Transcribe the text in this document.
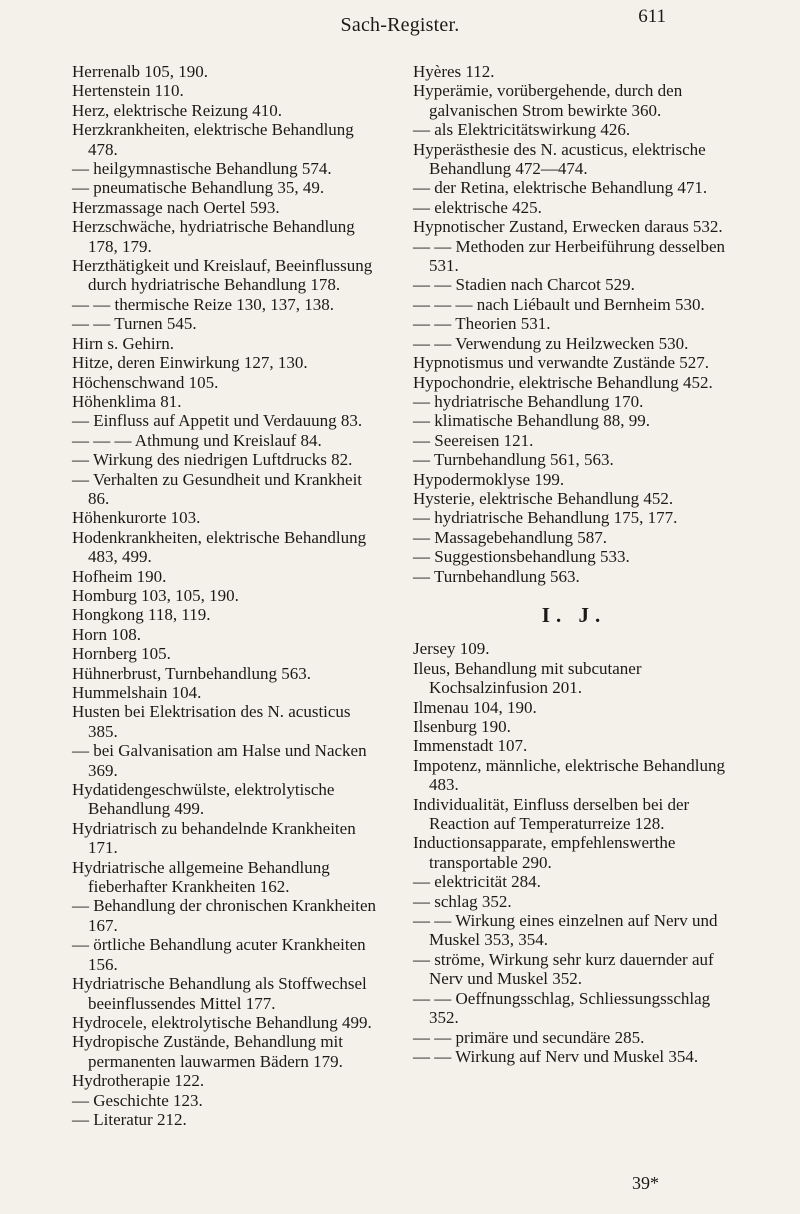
Sach-Register.	611

Herrenalb 105, 190.

Hertenstein 110.

Herz, elektrische Reizung 410.

Herzkrankheiten, elektrische Behandlung 478.

— heilgymnastische Behandlung 574.

— pneumatische Behandlung 35, 49.

Herzmassage nach Oertel 593.

Herzschwäche, hydriatrische Behandlung 178, 179.

Herzthätigkeit und Kreislauf, Beeinflussung durch hydriatrische Behandlung 178.

— — thermische Reize 130, 137, 138.

— — Turnen 545.

Hirn s. Gehirn.

Hitze, deren Einwirkung 127, 130.

Höchenschwand 105.

Höhenklima 81.

— Einfluss auf Appetit und Verdauung 83.

— — — Athmung und Kreislauf 84.

— Wirkung des niedrigen Luftdrucks 82.

— Verhalten zu Gesundheit und Krankheit 86.

Höhenkurorte 103.

Hodenkrankheiten, elektrische Behandlung 483, 499.

Hofheim 190.

Homburg 103, 105, 190.

Hongkong 118, 119.

Horn 108.

Hornberg 105.

Hühnerbrust, Turnbehandlung 563.

Hummelshain 104.

Husten bei Elektrisation des N. acusticus 385.

— bei Galvanisation am Halse und Nacken 369.

Hydatidengeschwülste, elektrolytische Behandlung 499.

Hydriatrisch zu behandelnde Krankheiten 171.

Hydriatrische allgemeine Behandlung fieberhafter Krankheiten 162.

— Behandlung der chronischen Krankheiten 167.

— örtliche Behandlung acuter Krankheiten 156.

Hydriatrische Behandlung als Stoffwechsel beeinflussendes Mittel 177.

Hydrocele, elektrolytische Behandlung 499.

Hydropische Zustände, Behandlung mit permanenten lauwarmen Bädern 179.

Hydrotherapie 122.

— Geschichte 123.

— Literatur 212.

Hyères 112.

Hyperämie, vorübergehende, durch den galvanischen Strom bewirkte 360.

— als Elektricitätswirkung 426.

Hyperästhesie des N. acusticus, elektrische Behandlung 472—474.

— der Retina, elektrische Behandlung 471.

— elektrische 425.

Hypnotischer Zustand, Erwecken daraus 532.

— — Methoden zur Herbeiführung desselben 531.

— — Stadien nach Charcot 529.

— — — nach Liébault und Bernheim 530.

— — Theorien 531.

— — Verwendung zu Heilzwecken 530.

Hypnotismus und verwandte Zustände 527.

Hypochondrie, elektrische Behandlung 452.

— hydriatrische Behandlung 170.

— klimatische Behandlung 88, 99.

— Seereisen 121.

— Turnbehandlung 561, 563.

Hypodermoklyse 199.

Hysterie, elektrische Behandlung 452.

— hydriatrische Behandlung 175, 177.

— Massagebehandlung 587.

— Suggestionsbehandlung 533.

— Turnbehandlung 563.

I. J.

Jersey 109.

Ileus, Behandlung mit subcutaner Kochsalzinfusion 201.

Ilmenau 104, 190.

Ilsenburg 190.

Immenstadt 107.

Impotenz, männliche, elektrische Behandlung 483.

Individualität, Einfluss derselben bei der Reaction auf Temperaturreize 128.

Inductionsapparate, empfehlenswerthe transportable 290.

— elektricität 284.

— schlag 352.

— — Wirkung eines einzelnen auf Nerv und Muskel 353, 354.

— ströme, Wirkung sehr kurz dauernder auf Nerv und Muskel 352.

— — Oeffnungsschlag, Schliessungsschlag 352.

— — primäre und secundäre 285.

— — Wirkung auf Nerv und Muskel 354.

39*
